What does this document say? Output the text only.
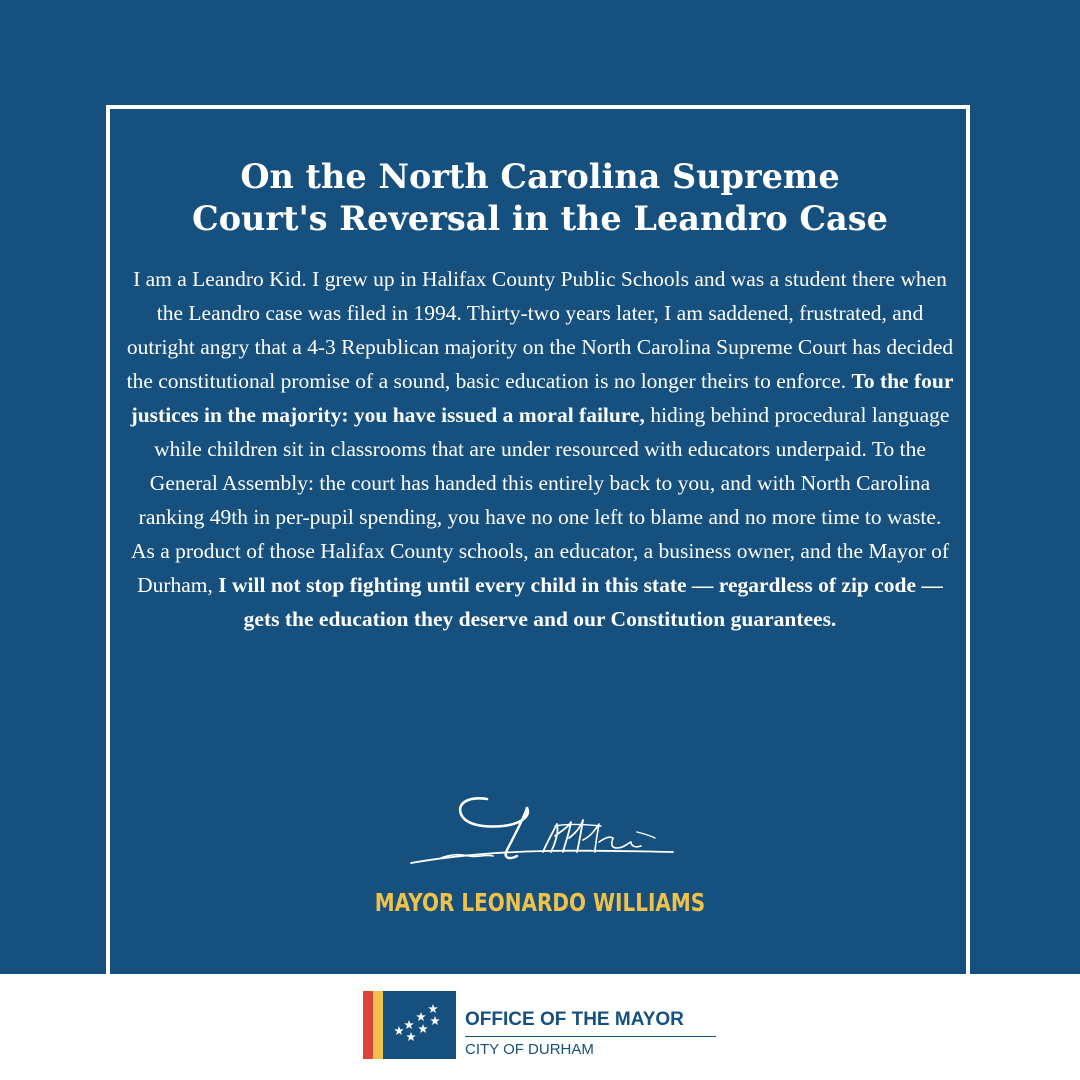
On the North Carolina Supreme
Court's Reversal in the Leandro Case

I am a Leandro Kid. I grew up in Halifax County Public Schools and was a student there when the Leandro case was filed in 1994. Thirty-two years later, I am saddened, frustrated, and outright angry that a 4-3 Republican majority on the North Carolina Supreme Court has decided the constitutional promise of a sound, basic education is no longer theirs to enforce. To the four justices in the majority: you have issued a moral failure, hiding behind procedural language while children sit in classrooms that are under resourced with educators underpaid. To the General Assembly: the court has handed this entirely back to you, and with North Carolina ranking 49th in per-pupil spending, you have no one left to blame and no more time to waste. As a product of those Halifax County schools, an educator, a business owner, and the Mayor of Durham, I will not stop fighting until every child in this state — regardless of zip code — gets the education they deserve and our Constitution guarantees.

MAYOR LEONARDO WILLIAMS
OFFICE OF THE MAYOR
CITY OF DURHAM
